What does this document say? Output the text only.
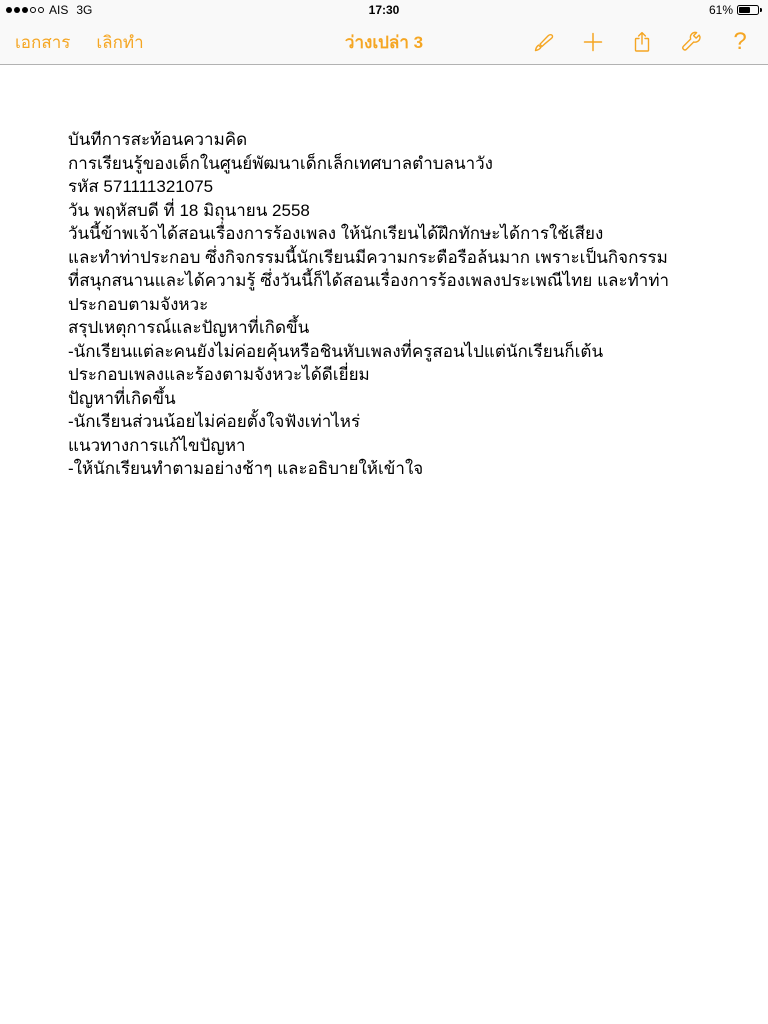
AIS 3G	17:30	61%
เอกสาร เลิกทำ	ว่างเปล่า 3	?
บันทีการสะท้อนความคิด
การเรียนรู้ของเด็กในศูนย์พัฒนาเด็กเล็กเทศบาลตำบลนาวัง
รหัส 571111321075
วัน พฤหัสบดี ที่ 18 มิถุนายน 2558
วันนี้ข้าพเจ้าได้สอนเรื่องการร้องเพลง ให้นักเรียนได้ฝึกทักษะได้การใช้เสียง
และทำท่าประกอบ ซึ่งกิจกรรมนี้นักเรียนมีความกระตือรือล้นมาก เพราะเป็นกิจกรรม
ที่สนุกสนานและได้ความรู้ ซึ่งวันนี้ก็ได้สอนเรื่องการร้องเพลงประเพณีไทย และทำท่า
ประกอบตามจังหวะ
สรุปเหตุการณ์และปัญหาที่เกิดขึ้น
-นักเรียนแต่ละคนยังไม่ค่อยคุ้นหรือชินหับเพลงที่ครูสอนไปแต่นักเรียนก็เต้น
ประกอบเพลงและร้องตามจังหวะได้ดีเยี่ยม
ปัญหาที่เกิดขึ้น
-นักเรียนส่วนน้อยไม่ค่อยตั้งใจฟังเท่าไหร่
แนวทางการแก้ไขปัญหา
-ให้นักเรียนทำตามอย่างช้าๆ และอธิบายให้เข้าใจ
